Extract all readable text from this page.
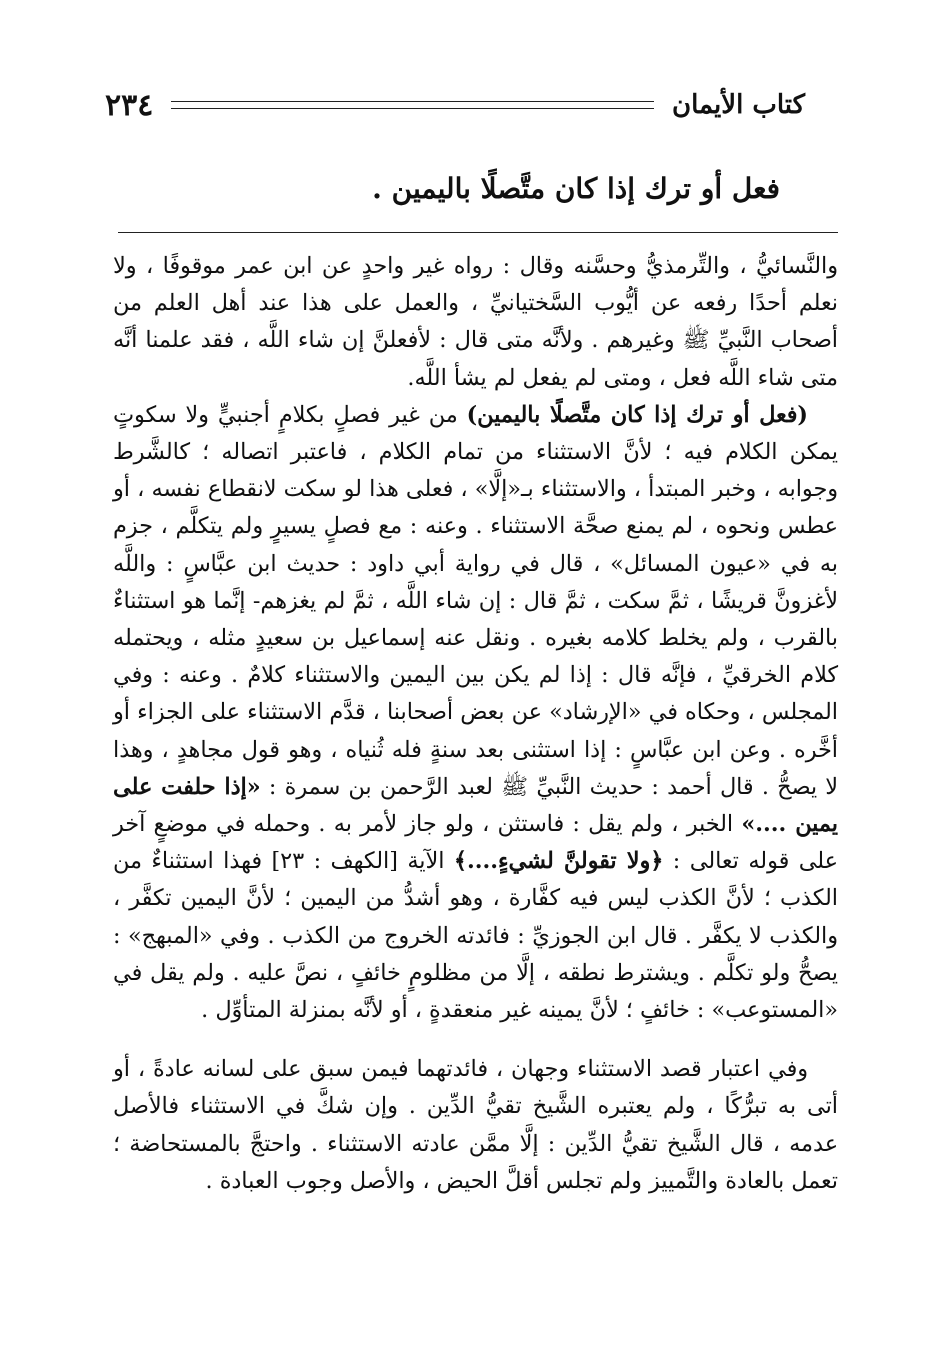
كتاب الأيمان
٢٣٤
فعل أو ترك إذا كان متَّصلًا باليمين .

والنَّسائيُّ ، والتِّرمذيُّ وحسَّنه وقال : رواه غير واحدٍ عن ابن عمر موقوفًا ، ولا نعلم أحدًا رفعه عن أيُّوب السَّختيانيِّ ، والعمل على هذا عند أهل العلم من أصحاب النَّبيِّ ﷺ وغيرهم . ولأنَّه متى قال : لأفعلنَّ إن شاء اللَّه ، فقد علمنا أنَّه متى شاء اللَّه فعل ، ومتى لم يفعل لم يشأ اللَّه.

(فعل أو ترك إذا كان متَّصلًا باليمين) من غير فصلٍ بكلامٍ أجنبيٍّ ولا سكوتٍ يمكن الكلام فيه ؛ لأنَّ الاستثناء من تمام الكلام ، فاعتبر اتصاله ؛ كالشَّرط وجوابه ، وخبر المبتدأ ، والاستثناء بـ«إلَّا» ، فعلى هذا لو سكت لانقطاع نفسه ، أو عطس ونحوه ، لم يمنع صحَّة الاستثناء . وعنه : مع فصلٍ يسيرٍ ولم يتكلَّم ، جزم به في «عيون المسائل» ، قال في رواية أبي داود : حديث ابن عبَّاسٍ : واللَّه لأغزونَّ قريشًا ، ثمَّ سكت ، ثمَّ قال : إن شاء اللَّه ، ثمَّ لم يغزهم- إنَّما هو استثناءٌ بالقرب ، ولم يخلط كلامه بغيره . ونقل عنه إسماعيل بن سعيدٍ مثله ، ويحتمله كلام الخرقيِّ ، فإنَّه قال : إذا لم يكن بين اليمين والاستثناء كلامٌ . وعنه : وفي المجلس ، وحكاه في «الإرشاد» عن بعض أصحابنا ، قدَّم الاستثناء على الجزاء أو أخَّره . وعن ابن عبَّاسٍ : إذا استثنى بعد سنةٍ فله ثُنياه ، وهو قول مجاهدٍ ، وهذا لا يصحُّ . قال أحمد : حديث النَّبيِّ ﷺ لعبد الرَّحمن بن سمرة : «إذا حلفت على يمين ....» الخبر ، ولم يقل : فاستثن ، ولو جاز لأمر به . وحمله في موضعٍ آخر على قوله تعالى : ﴿ولا تقولنَّ لشيءٍ....﴾ الآية [الكهف : ٢٣] فهذا استثناءٌ من الكذب ؛ لأنَّ الكذب ليس فيه كفَّارة ، وهو أشدُّ من اليمين ؛ لأنَّ اليمين تكفَّر ، والكذب لا يكفَّر . قال ابن الجوزيِّ : فائدته الخروج من الكذب . وفي «المبهج» : يصحُّ ولو تكلَّم . ويشترط نطقه ، إلَّا من مظلومٍ خائفٍ ، نصَّ عليه . ولم يقل في «المستوعب» : خائفٍ ؛ لأنَّ يمينه غير منعقدةٍ ، أو لأنَّه بمنزلة المتأوِّل .

وفي اعتبار قصد الاستثناء وجهان ، فائدتهما فيمن سبق على لسانه عادةً ، أو أتى به تبرُّكًا ، ولم يعتبره الشَّيخ تقيُّ الدِّين . وإن شكَّ في الاستثناء فالأصل عدمه ، قال الشَّيخ تقيُّ الدِّين : إلَّا ممَّن عادته الاستثناء . واحتجَّ بالمستحاضة ؛ تعمل بالعادة والتَّمييز ولم تجلس أقلَّ الحيض ، والأصل وجوب العبادة .
